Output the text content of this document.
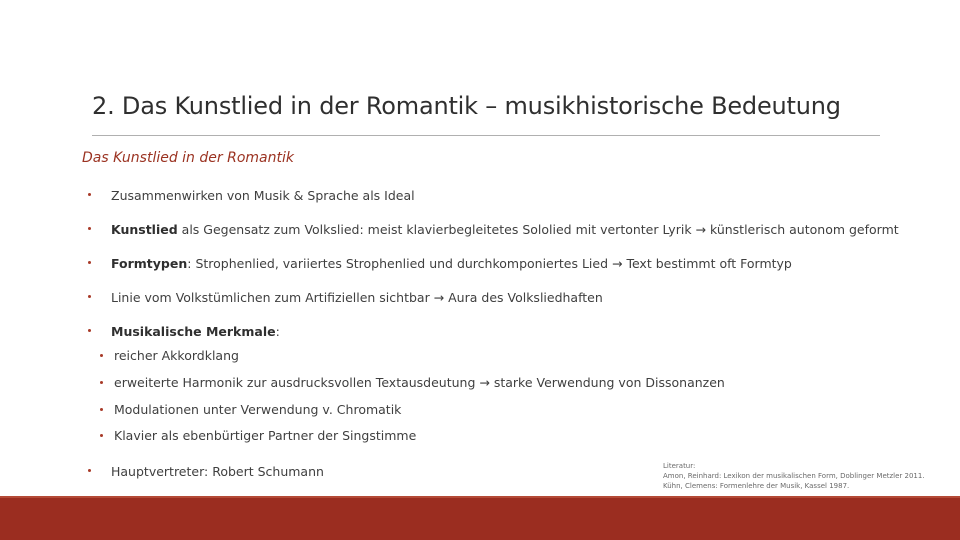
2. Das Kunstlied in der Romantik – musikhistorische Bedeutung
Das Kunstlied in der Romantik
Zusammenwirken von Musik & Sprache als Ideal
Kunstlied als Gegensatz zum Volkslied: meist klavierbegleitetes Sololied mit vertonter Lyrik → künstlerisch autonom geformt
Formtypen: Strophenlied, variiertes Strophenlied und durchkomponiertes Lied → Text bestimmt oft Formtyp
Linie vom Volkstümlichen zum Artifiziellen sichtbar → Aura des Volksliedhaften
Musikalische Merkmale:
reicher Akkordklang
erweiterte Harmonik zur ausdrucksvollen Textausdeutung → starke Verwendung von Dissonanzen
Modulationen unter Verwendung v. Chromatik
Klavier als ebenbürtiger Partner der Singstimme
Hauptvertreter: Robert Schumann	Literatur:
Amon, Reinhard: Lexikon der musikalischen Form, Doblinger Metzler 2011.
Kühn, Clemens: Formenlehre der Musik, Kassel 1987.
